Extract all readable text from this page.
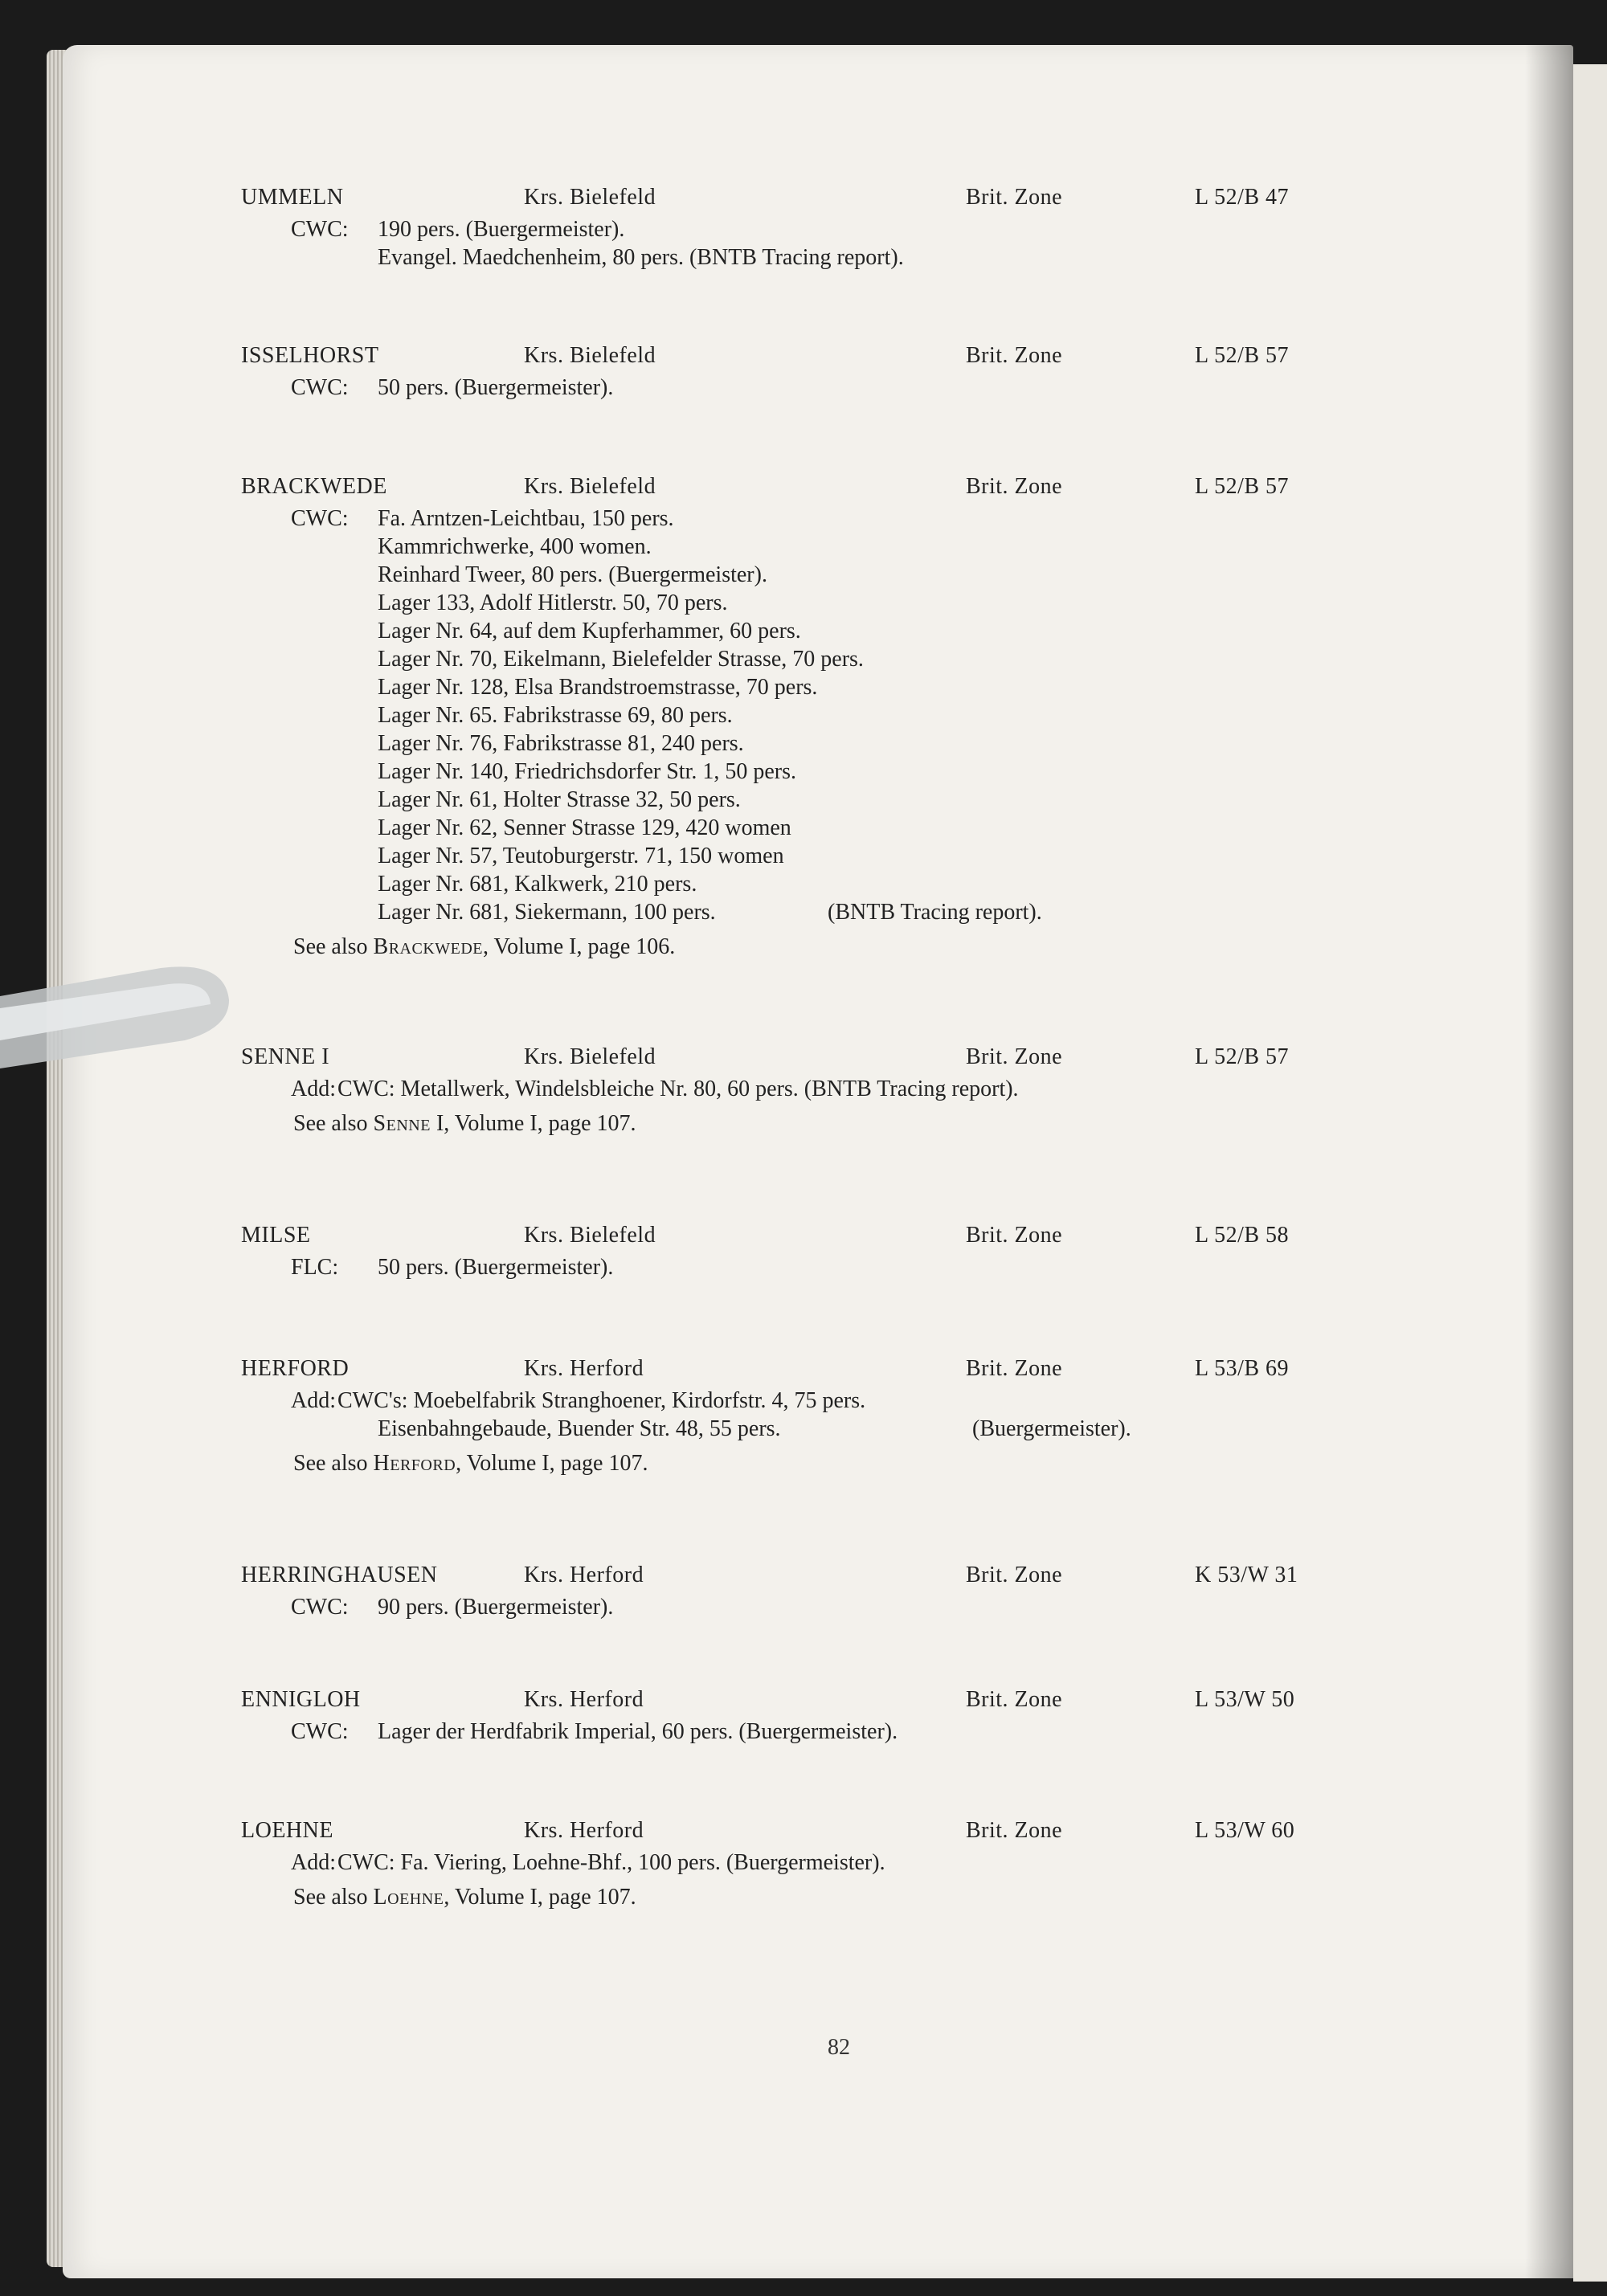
UMMELN	Krs. Bielefeld	Brit. Zone	L 52/B 47
CWC: 190 pers. (Buergermeister).
Evangel. Maedchenheim, 80 pers. (BNTB Tracing report).
ISSELHORST	Krs. Bielefeld	Brit. Zone	L 52/B 57
CWC: 50 pers. (Buergermeister).
BRACKWEDE	Krs. Bielefeld	Brit. Zone	L 52/B 57
CWC: Fa. Arntzen-Leichtbau, 150 pers.
Kammrichwerke, 400 women.
Reinhard Tweer, 80 pers. (Buergermeister).
Lager 133, Adolf Hitlerstr. 50, 70 pers.
Lager Nr. 64, auf dem Kupferhammer, 60 pers.
Lager Nr. 70, Eikelmann, Bielefelder Strasse, 70 pers.
Lager Nr. 128, Elsa Brandstroemstrasse, 70 pers.
Lager Nr. 65. Fabrikstrasse 69, 80 pers.
Lager Nr. 76, Fabrikstrasse 81, 240 pers.
Lager Nr. 140, Friedrichsdorfer Str. 1, 50 pers.
Lager Nr. 61, Holter Strasse 32, 50 pers.
Lager Nr. 62, Senner Strasse 129, 420 women
Lager Nr. 57, Teutoburgerstr. 71, 150 women
Lager Nr. 681, Kalkwerk, 210 pers.
Lager Nr. 681, Siekermann, 100 pers.	(BNTB Tracing report).
See also Brackwede, Volume I, page 106.
SENNE I	Krs. Bielefeld	Brit. Zone	L 52/B 57
Add: CWC: Metallwerk, Windelsbleiche Nr. 80, 60 pers. (BNTB Tracing report).
See also Senne I, Volume I, page 107.
MILSE	Krs. Bielefeld	Brit. Zone	L 52/B 58
FLC: 50 pers. (Buergermeister).
HERFORD	Krs. Herford	Brit. Zone	L 53/B 69
Add: CWC's: Moebelfabrik Stranghoener, Kirdorfstr. 4, 75 pers.
Eisenbahngebaude, Buender Str. 48, 55 pers.	(Buergermeister).
See also Herford, Volume I, page 107.
HERRINGHAUSEN	Krs. Herford	Brit. Zone	K 53/W 31
CWC: 90 pers. (Buergermeister).
ENNIGLOH	Krs. Herford	Brit. Zone	L 53/W 50
CWC: Lager der Herdfabrik Imperial, 60 pers. (Buergermeister).
LOEHNE	Krs. Herford	Brit. Zone	L 53/W 60
Add: CWC: Fa. Viering, Loehne-Bhf., 100 pers. (Buergermeister).
See also Loehne, Volume I, page 107.
82
